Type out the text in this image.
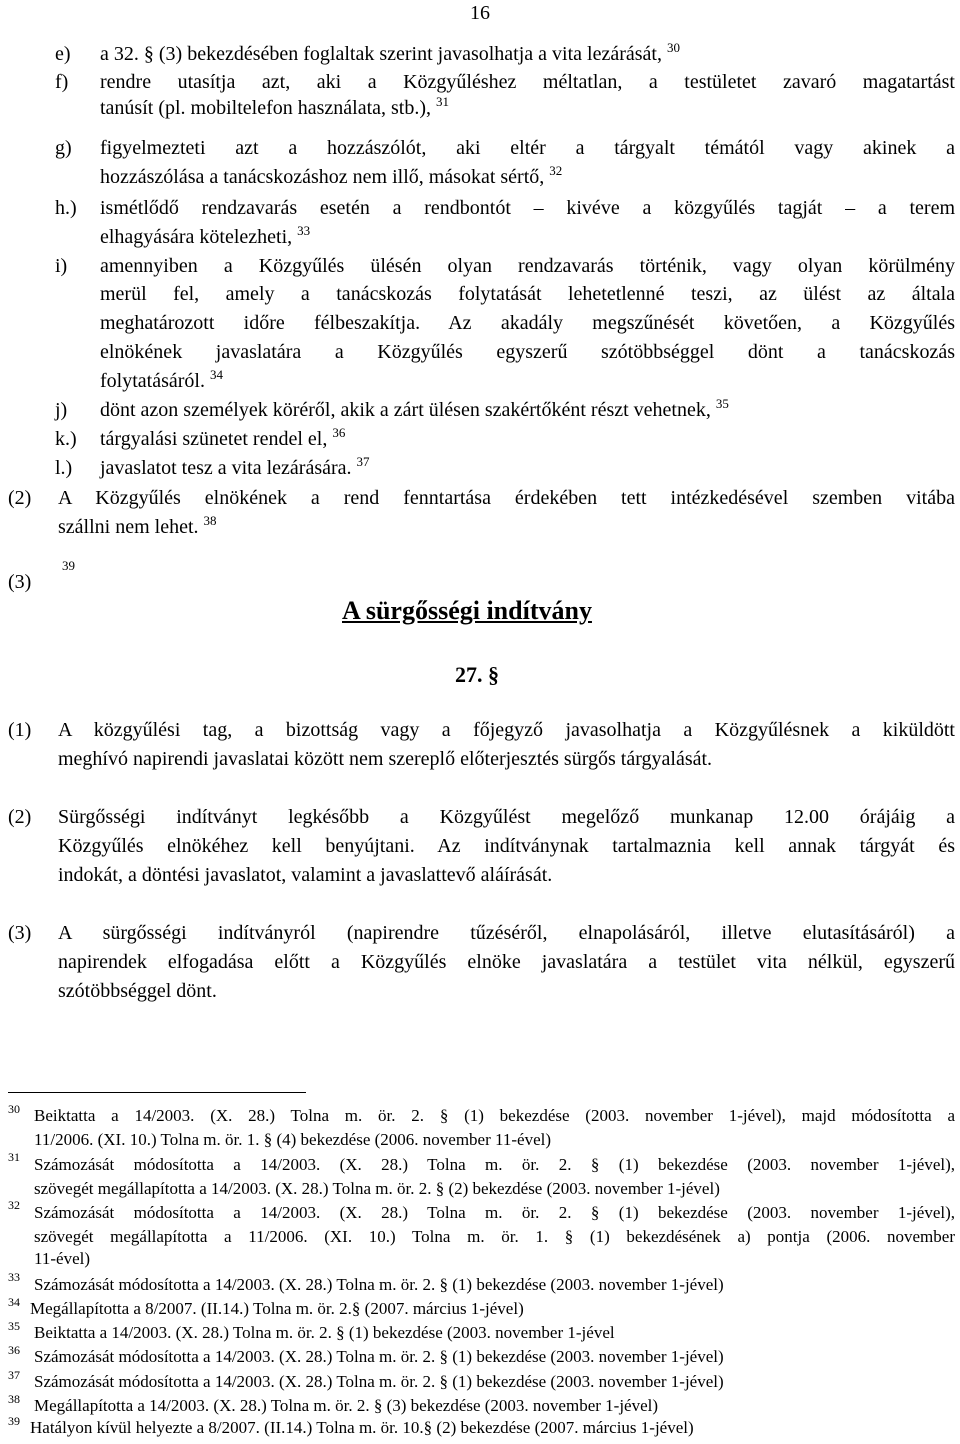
16
e) a 32. § (3) bekezdésében foglaltak szerint javasolhatja a vita lezárását, $^{30}$
f) rendre utasítja azt, aki a Közgyűléshez méltatlan, a testületet zavaró magatartást
tanúsít (pl. mobiltelefon használata, stb.), $^{31}$
g) figyelmezteti azt a hozzászólót, aki eltér a tárgyalt témától vagy akinek a
hozzászólása a tanácskozáshoz nem illő, másokat sértő, $^{32}$
h.) ismétlődő rendzavarás esetén a rendbontót – kivéve a közgyűlés tagját – a terem
elhagyására kötelezheti, $^{33}$
i) amennyiben a Közgyűlés ülésén olyan rendzavarás történik, vagy olyan körülmény
merül fel, amely a tanácskozás folytatását lehetetlenné teszi, az ülést az általa
meghatározott időre félbeszakítja. Az akadály megszűnését követően, a Közgyűlés
elnökének javaslatára a Közgyűlés egyszerű szótöbbséggel dönt a tanácskozás
folytatásáról. $^{34}$
j) dönt azon személyek köréről, akik a zárt ülésen szakértőként részt vehetnek, $^{35}$
k.) tárgyalási szünetet rendel el, $^{36}$
l.) javaslatot tesz a vita lezárására. $^{37}$
(2) A Közgyűlés elnökének a rend fenntartása érdekében tett intézkedésével szemben vitába
szállni nem lehet. $^{38}$
(3)
39
A sürgősségi indítvány
27. §
(1) A közgyűlési tag, a bizottság vagy a főjegyző javasolhatja a Közgyűlésnek a kiküldött
meghívó napirendi javaslatai között nem szereplő előterjesztés sürgős tárgyalását.
(2) Sürgősségi indítványt legkésőbb a Közgyűlést megelőző munkanap 12.00 órájáig a
Közgyűlés elnökéhez kell benyújtani. Az indítványnak tartalmaznia kell annak tárgyát és
indokát, a döntési javaslatot, valamint a javaslattevő aláírását.
(3) A sürgősségi indítványról (napirendre tűzéséről, elnapolásáról, illetve elutasításáról) a
napirendek elfogadása előtt a Közgyűlés elnöke javaslatára a testület vita nélkül, egyszerű
szótöbbséggel dönt.
30 Beiktatta a 14/2003. (X. 28.) Tolna m. ör. 2. § (1) bekezdése (2003. november 1-jével), majd módosította a
11/2006. (XI. 10.) Tolna m. ör. 1. § (4) bekezdése (2006. november 11-ével)
31 Számozását módosította a 14/2003. (X. 28.) Tolna m. ör. 2. § (1) bekezdése (2003. november 1-jével),
szövegét megállapította a 14/2003. (X. 28.) Tolna m. ör. 2. § (2) bekezdése (2003. november 1-jével)
32 Számozását módosította a 14/2003. (X. 28.) Tolna m. ör. 2. § (1) bekezdése (2003. november 1-jével),
szövegét megállapította a 11/2006. (XI. 10.) Tolna m. ör. 1. § (1) bekezdésének a) pontja (2006. november
11-ével)
33 Számozását módosította a 14/2003. (X. 28.) Tolna m. ör. 2. § (1) bekezdése (2003. november 1-jével)
34 Megállapította a 8/2007. (II.14.) Tolna m. ör. 2.§ (2007. március 1-jével)
35 Beiktatta a 14/2003. (X. 28.) Tolna m. ör. 2. § (1) bekezdése (2003. november 1-jével
36 Számozását módosította a 14/2003. (X. 28.) Tolna m. ör. 2. § (1) bekezdése (2003. november 1-jével)
37 Számozását módosította a 14/2003. (X. 28.) Tolna m. ör. 2. § (1) bekezdése (2003. november 1-jével)
38 Megállapította a 14/2003. (X. 28.) Tolna m. ör. 2. § (3) bekezdése (2003. november 1-jével)
39 Hatályon kívül helyezte a 8/2007. (II.14.) Tolna m. ör. 10.§ (2) bekezdése (2007. március 1-jével)
